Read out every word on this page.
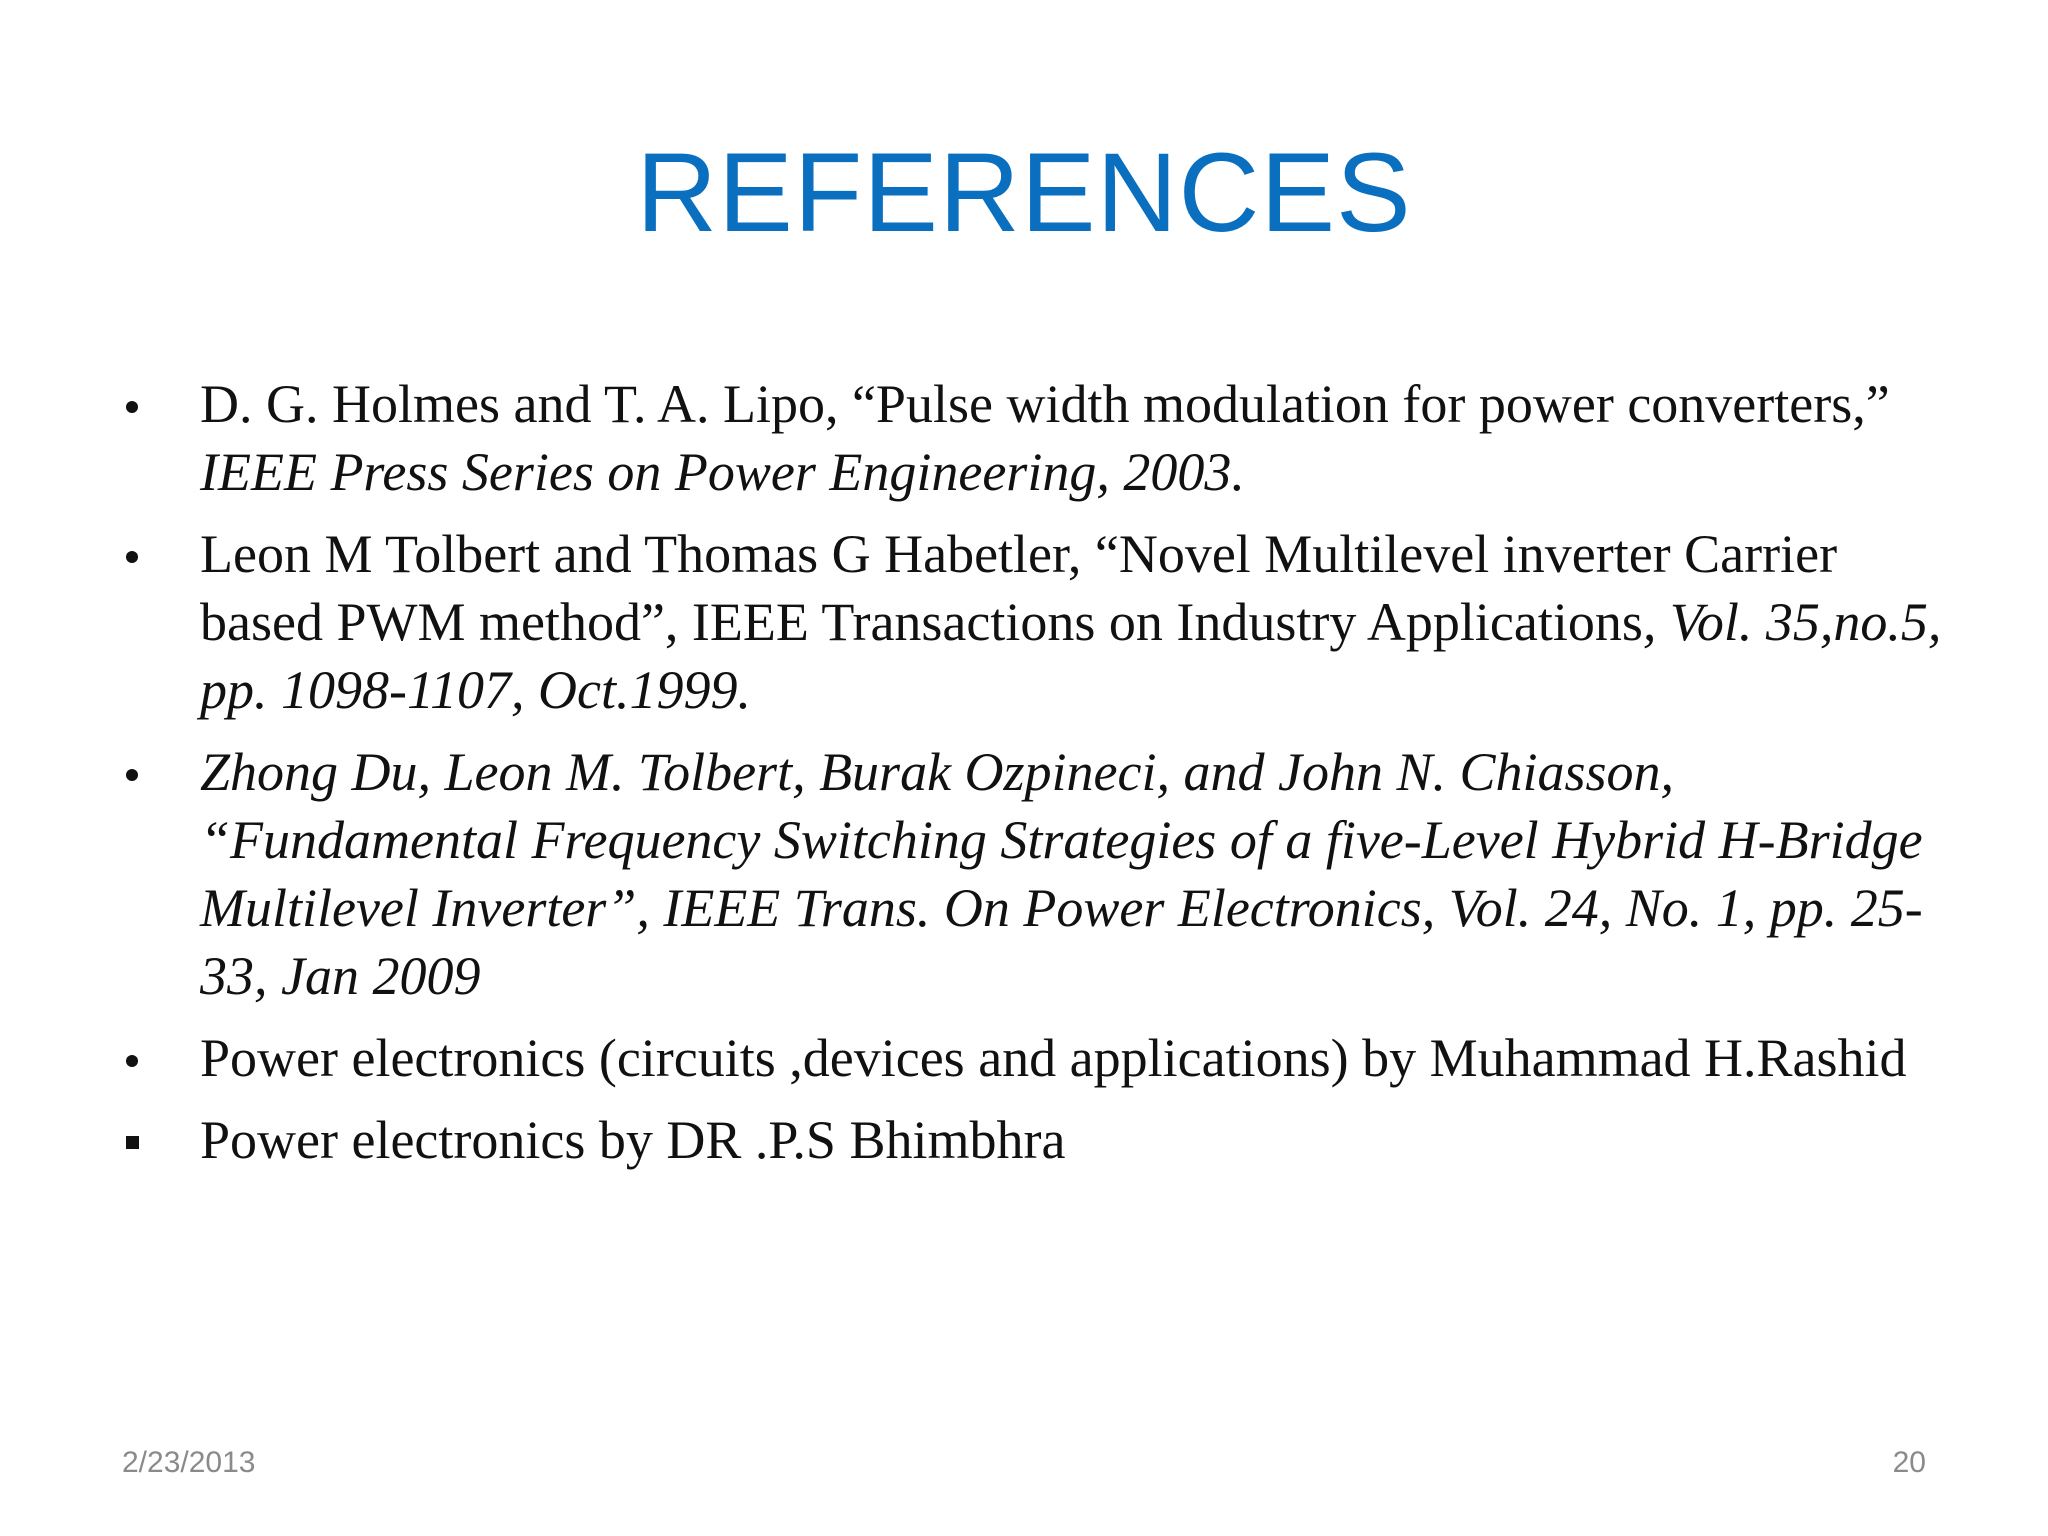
REFERENCES
D. G. Holmes and T. A. Lipo, “Pulse width modulation for power converters,” IEEE Press Series on Power Engineering, 2003.
Leon M Tolbert and Thomas G Habetler, “Novel Multilevel inverter Carrier based PWM method”, IEEE Transactions on Industry Applications, Vol. 35,no.5, pp. 1098-1107, Oct.1999.
Zhong Du, Leon M. Tolbert, Burak Ozpineci, and John N. Chiasson, “Fundamental Frequency Switching Strategies of a five-Level Hybrid H-Bridge Multilevel Inverter”, IEEE Trans. On Power Electronics, Vol. 24, No. 1, pp. 25- 33, Jan 2009
Power electronics (circuits ,devices and applications) by Muhammad H.Rashid
Power electronics by DR .P.S Bhimbhra
2/23/2013	20
